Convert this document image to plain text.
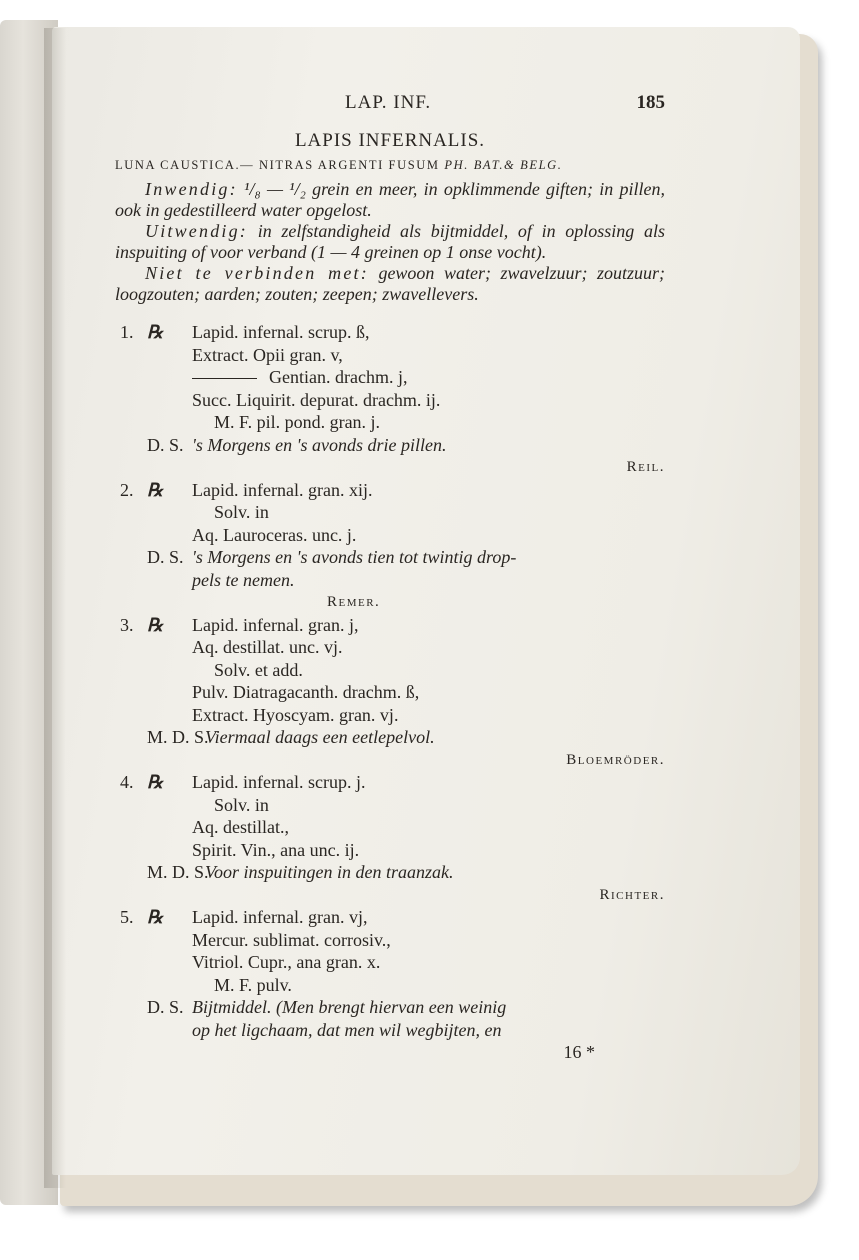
LAP. INF.	185
LAPIS INFERNALIS.
LUNA CAUSTICA.— NITRAS ARGENTI FUSUM PH. BAT.& BELG.

Inwendig: ¹/₈ — ¹/₂ grein en meer, in opklimmende giften; in pillen, ook in gedestilleerd water opgelost.

Uitwendig: in zelfstandigheid als bijtmiddel, of in oplossing als inspuiting of voor verband (1 — 4 greinen op 1 onse vocht).

Niet te verbinden met: gewoon water; zwavelzuur; zoutzuur; loogzouten; aarden; zouten; zeepen; zwavellevers.

1. ℞ Lapid. infernal. scrup. ß,
Extract. Opii gran. v,
Gentian. drachm. j,
Succ. Liquirit. depurat. drachm. ij.
M. F. pil. pond. gran. j.
D. S. 's Morgens en 's avonds drie pillen.
Reil.
2. ℞ Lapid. infernal. gran. xij.
Solv. in
Aq. Lauroceras. unc. j.
D. S. 's Morgens en 's avonds tien tot twintig drop-
pels te nemen.
Remer.
3. ℞ Lapid. infernal. gran. j,
Aq. destillat. unc. vj.
Solv. et add.
Pulv. Diatragacanth. drachm. ß,
Extract. Hyoscyam. gran. vj.
M. D. S.
Viermaal daags een eetlepelvol.
Bloemröder.
4. ℞ Lapid. infernal. scrup. j.
Solv. in
Aq. destillat.,
Spirit. Vin., ana unc. ij.
M. D. S.
Voor inspuitingen in den traanzak.
Richter.
5. ℞ Lapid. infernal. gran. vj,
Mercur. sublimat. corrosiv.,
Vitriol. Cupr., ana gran. x.
M. F. pulv.
D. S. Bijtmiddel. (Men brengt hiervan een weinig
op het ligchaam, dat men wil wegbijten, en
16 *
